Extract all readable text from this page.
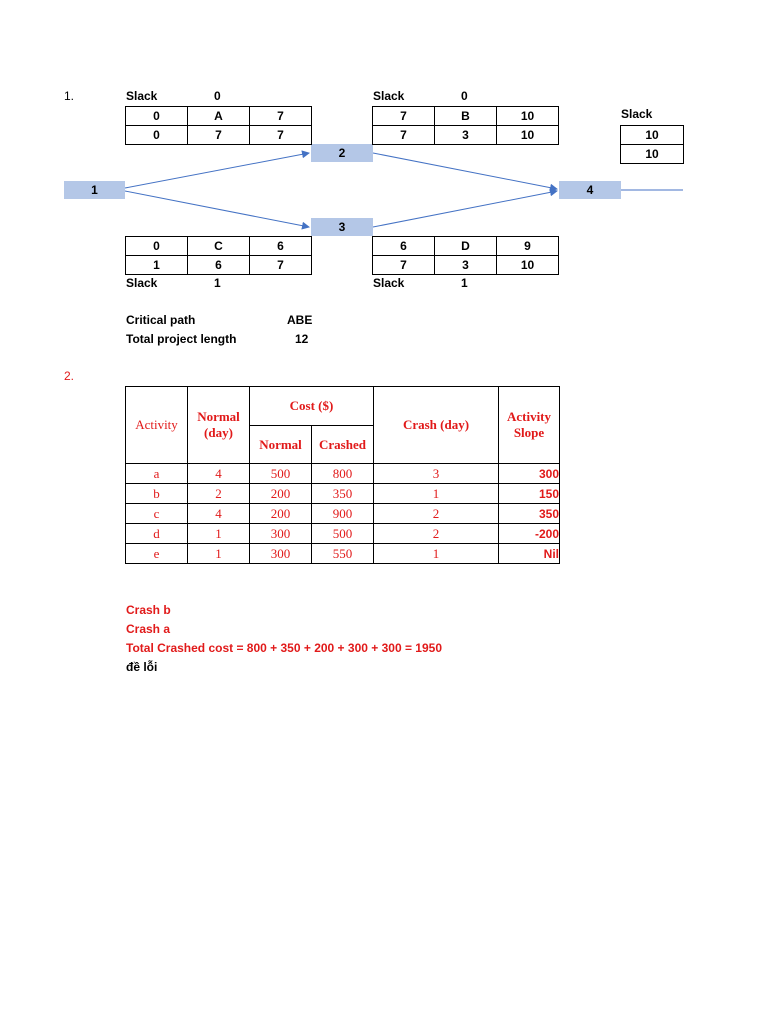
1.
1
2
3
4
Slack	0
0	A	7
0	7	7
Slack	0
7	B	10
7	3	10
Slack
10
10
0	C	6
1	6	7
Slack	1
6	D	9
7	3	10
Slack	1
Critical path	ABE
Total project length	12
2.
Activity	Normal (day)	Cost ($)		Crash (day)	Activity Slope
		Normal	Crashed		
a	4	500	800	3	300
b	2	200	350	1	150
c	4	200	900	2	350
d	1	300	500	2	-200
e	1	300	550	1	Nil
Crash b
Crash a
Total Crashed cost = 800 + 350 + 200 + 300 + 300 = 1950
đề lỗi
